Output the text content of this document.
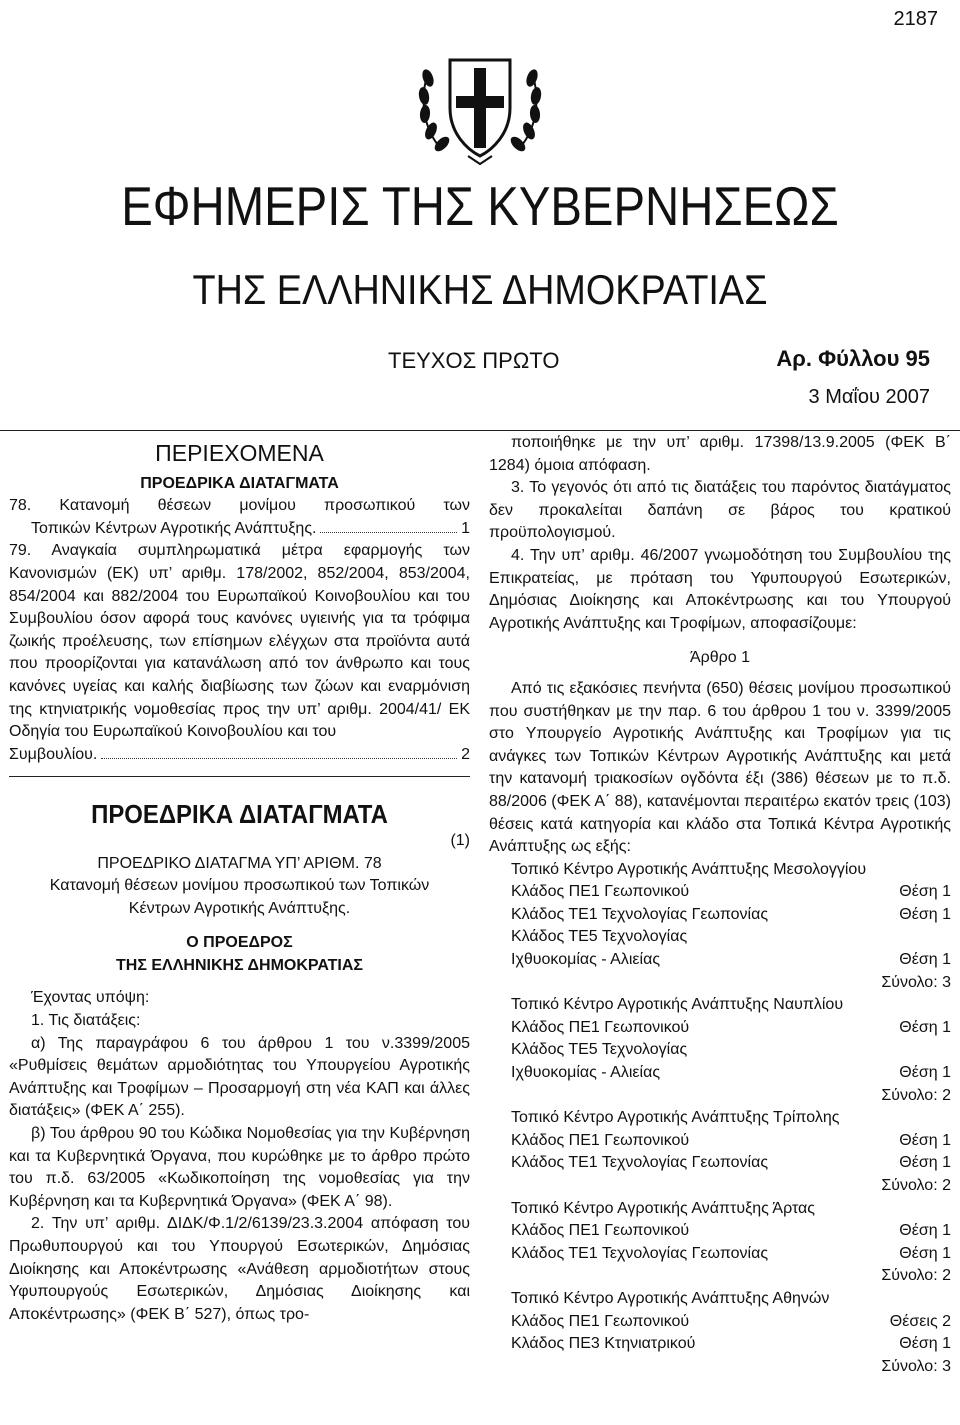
2187
ΕΦΗΜΕΡΙΣ ΤΗΣ ΚΥΒΕΡΝΗΣΕΩΣ
ΤΗΣ ΕΛΛΗΝΙΚΗΣ ΔΗΜΟΚΡΑΤΙΑΣ
ΤΕΥΧΟΣ ΠΡΩΤΟ	Αρ. Φύλλου 95
3 Μαΐου 2007
ΠΕΡΙΕΧΟΜΕΝΑ
ΠΡΟΕΔΡΙΚΑ ΔΙΑΤΑΓΜΑΤΑ
78. Κατανομή θέσεων μονίμου προσωπικού των
Τοπικών Κέντρων Αγροτικής Ανάπτυξης.	1
79. Αναγκαία συμπληρωματικά μέτρα εφαρμογής των Κανονισμών (ΕΚ) υπ’ αριθμ. 178/2002, 852/2004, 853/2004, 854/2004 και 882/2004 του Ευρωπαϊκού Κοινοβουλίου και του Συμβουλίου όσον αφορά τους κανόνες υγιεινής για τα τρόφιμα ζωικής προέλευσης, των επίσημων ελέγχων στα προϊόντα αυτά που προορίζονται για κατανάλωση από τον άνθρωπο και τους κανόνες υγείας και καλής διαβίωσης των ζώων και εναρμόνιση της κτηνιατρικής νομοθεσίας προς την υπ’ αριθμ. 2004/41/ ΕΚ Οδηγία του Ευρωπαϊκού Κοινοβουλίου και του
Συμβουλίου.	2
ΠΡΟΕΔΡΙΚΑ ΔΙΑΤΑΓΜΑΤΑ
(1)
ΠΡΟΕΔΡΙΚΟ ΔΙΑΤΑΓΜΑ ΥΠ’ ΑΡΙΘΜ. 78
Κατανομή θέσεων μονίμου προσωπικού των Τοπικών Κέντρων Αγροτικής Ανάπτυξης.
Ο ΠΡΟΕΔΡΟΣ
ΤΗΣ ΕΛΛΗΝΙΚΗΣ ΔΗΜΟΚΡΑΤΙΑΣ
Έχοντας υπόψη:
1. Τις διατάξεις:
α) Της παραγράφου 6 του άρθρου 1 του ν.3399/2005 «Ρυθμίσεις θεμάτων αρμοδιότητας του Υπουργείου Αγροτικής Ανάπτυξης και Τροφίμων – Προσαρμογή στη νέα ΚΑΠ και άλλες διατάξεις» (ΦΕΚ Α΄ 255).
β) Του άρθρου 90 του Κώδικα Νομοθεσίας για την Κυβέρνηση και τα Κυβερνητικά Όργανα, που κυρώθηκε με το άρθρο πρώτο του π.δ. 63/2005 «Κωδικοποίηση της νομοθεσίας για την Κυβέρνηση και τα Κυβερνητικά Όργανα» (ΦΕΚ Α΄ 98).
2. Την υπ’ αριθμ. ΔΙΔΚ/Φ.1/2/6139/23.3.2004 απόφαση του Πρωθυπουργού και του Υπουργού Εσωτερικών, Δημόσιας Διοίκησης και Αποκέντρωσης «Ανάθεση αρμοδιοτήτων στους Υφυπουργούς Εσωτερικών, Δημόσιας Διοίκησης και Αποκέντρωσης» (ΦΕΚ Β΄ 527), όπως τρο-
ποποιήθηκε με την υπ’ αριθμ. 17398/13.9.2005 (ΦΕΚ Β΄ 1284) όμοια απόφαση.
3. Το γεγονός ότι από τις διατάξεις του παρόντος διατάγματος δεν προκαλείται δαπάνη σε βάρος του κρατικού προϋπολογισμού.
4. Την υπ’ αριθμ. 46/2007 γνωμοδότηση του Συμβουλίου της Επικρατείας, με πρόταση του Υφυπουργού Εσωτερικών, Δημόσιας Διοίκησης και Αποκέντρωσης και του Υπουργού Αγροτικής Ανάπτυξης και Τροφίμων, αποφασίζουμε:
Άρθρο 1
Από τις εξακόσιες πενήντα (650) θέσεις μονίμου προσωπικού που συστήθηκαν με την παρ. 6 του άρθρου 1 του ν. 3399/2005 στο Υπουργείο Αγροτικής Ανάπτυξης και Τροφίμων για τις ανάγκες των Τοπικών Κέντρων Αγροτικής Ανάπτυξης και μετά την κατανομή τριακοσίων ογδόντα έξι (386) θέσεων με το π.δ. 88/2006 (ΦΕΚ Α΄ 88), κατανέμονται περαιτέρω εκατόν τρεις (103) θέσεις κατά κατηγορία και κλάδο στα Τοπικά Κέντρα Αγροτικής Ανάπτυξης ως εξής:
Τοπικό Κέντρο Αγροτικής Ανάπτυξης Μεσολογγίου
Κλάδος ΠΕ1 Γεωπονικού	Θέση 1
Κλάδος ΤΕ1 Τεχνολογίας Γεωπονίας	Θέση 1
Κλάδος ΤΕ5 Τεχνολογίας
Ιχθυοκομίας - Αλιείας	Θέση 1
Σύνολο: 3
Τοπικό Κέντρο Αγροτικής Ανάπτυξης Ναυπλίου
Κλάδος ΠΕ1 Γεωπονικού	Θέση 1
Κλάδος ΤΕ5 Τεχνολογίας
Ιχθυοκομίας - Αλιείας	Θέση 1
Σύνολο: 2
Τοπικό Κέντρο Αγροτικής Ανάπτυξης Τρίπολης
Κλάδος ΠΕ1 Γεωπονικού	Θέση 1
Κλάδος ΤΕ1 Τεχνολογίας Γεωπονίας	Θέση 1
Σύνολο: 2
Τοπικό Κέντρο Αγροτικής Ανάπτυξης Άρτας
Κλάδος ΠΕ1 Γεωπονικού	Θέση 1
Κλάδος ΤΕ1 Τεχνολογίας Γεωπονίας	Θέση 1
Σύνολο: 2
Τοπικό Κέντρο Αγροτικής Ανάπτυξης Αθηνών
Κλάδος ΠΕ1 Γεωπονικού	Θέσεις 2
Κλάδος ΠΕ3 Κτηνιατρικού	Θέση 1
Σύνολο: 3
